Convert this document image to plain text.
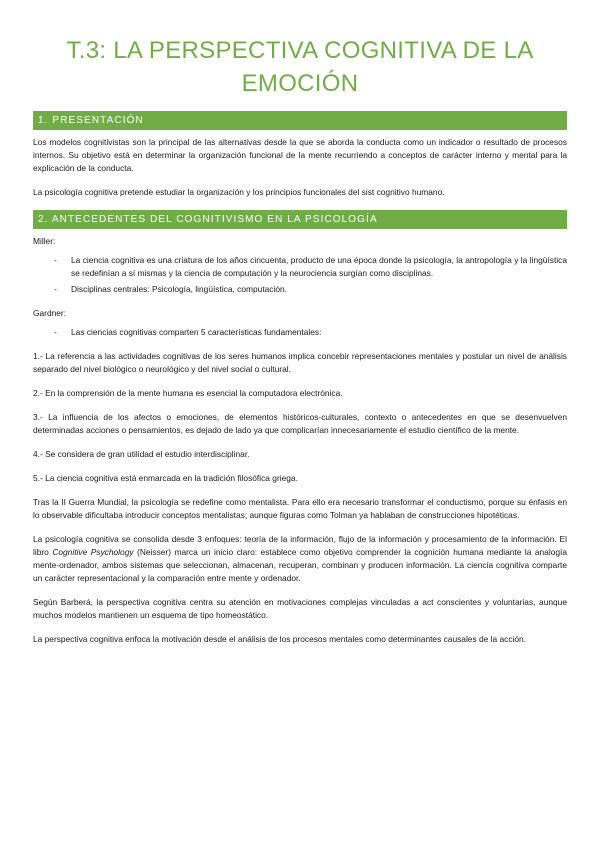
T.3: LA PERSPECTIVA COGNITIVA DE LA EMOCIÓN
1. PRESENTACIÓN

Los modelos cognitivistas son la principal de las alternativas desde la que se aborda la conducta como un indicador o resultado de procesos internos. Su objetivo está en determinar la organización funcional de la mente recurriendo a conceptos de carácter interno y mental para la explicación de la conducta.

La psicología cognitiva pretende estudiar la organización y los principios funcionales del sist cognitivo humano.

2. ANTECEDENTES DEL COGNITIVISMO EN LA PSICOLOGÍA

Miller:

- La ciencia cognitiva es una criatura de los años cincuenta, producto de una época donde la psicología, la antropología y la lingüística se redefinían a sí mismas y la ciencia de computación y la neurociencia surgían como disciplinas.
- Disciplinas centrales: Psicología, lingüística, computación.

Gardner:

- Las ciencias cognitivas comparten 5 características fundamentales:

1.- La referencia a las actividades cognitivas de los seres humanos implica concebir representaciones mentales y postular un nivel de análisis separado del nivel biológico o neurológico y del nivel social o cultural.

2.- En la comprensión de la mente humana es esencial la computadora electrónica.

3.- La influencia de los afectos o emociones, de elementos históricos-culturales, contexto o antecedentes en que se desenvuelven determinadas acciones o pensamientos, es dejado de lado ya que complicarían innecesariamente el estudio científico de la mente.

4.- Se considera de gran utilidad el estudio interdisciplinar.

5.- La ciencia cognitiva está enmarcada en la tradición filosófica griega.

Tras la II Guerra Mundial, la psicología se redefine como mentalista. Para ello era necesario transformar el conductismo, porque su énfasis en lo observable dificultaba introducir conceptos mentalistas; aunque figuras como Tolman ya hablaban de construcciones hipotéticas.

La psicología cognitiva se consolida desde 3 enfoques: teoría de la información, flujo de la información y procesamiento de la información. El libro Cognitive Psychology (Neisser) marca un inicio claro: establece como objetivo comprender la cognición humana mediante la analogía mente-ordenador, ambos sistemas que seleccionan, almacenan, recuperan, combinan y producen información. La ciencia cognitiva comparte un carácter representacional y la comparación entre mente y ordenador.

Según Barberá, la perspectiva cognitiva centra su atención en motivaciones complejas vinculadas a act conscientes y voluntarias, aunque muchos modelos mantienen un esquema de tipo homeostático.

La perspectiva cognitiva enfoca la motivación desde el análisis de los procesos mentales como determinantes causales de la acción.
